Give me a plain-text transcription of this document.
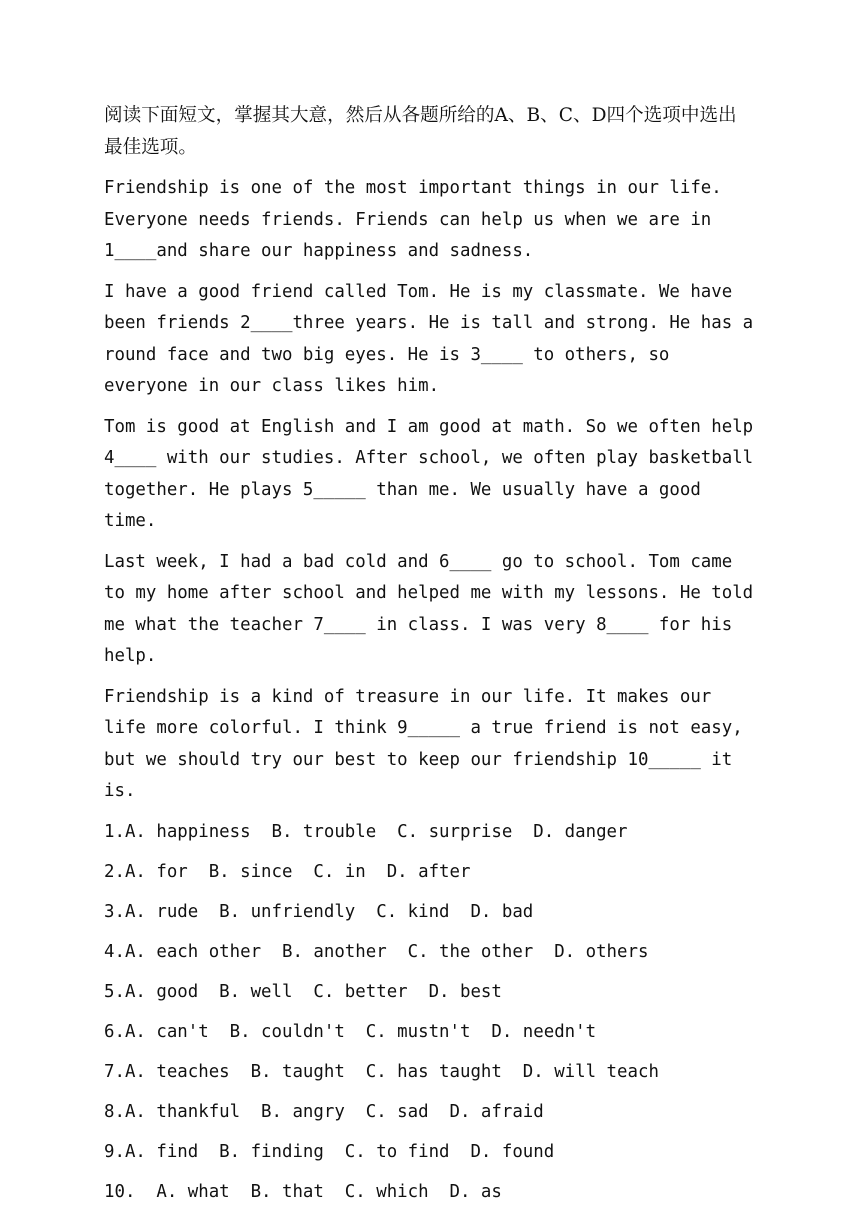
阅读下面短文，掌握其大意，然后从各题所给的A、B、C、D四个选项中选出最佳选项。

Friendship is one of the most important things in our life. Everyone needs friends. Friends can help us when we are in 1____and share our happiness and sadness.

I have a good friend called Tom. He is my classmate. We have been friends 2____three years. He is tall and strong. He has a round face and two big eyes. He is 3____ to others, so everyone in our class likes him.

Tom is good at English and I am good at math. So we often help 4____ with our studies. After school, we often play basketball together. He plays 5_____ than me. We usually have a good time.

Last week, I had a bad cold and 6____ go to school. Tom came to my home after school and helped me with my lessons. He told me what the teacher 7____ in class. I was very 8____ for his help.

Friendship is a kind of treasure in our life. It makes our life more colorful. I think 9_____ a true friend is not easy, but we should try our best to keep our friendship 10_____ it is.

1.A. happiness  B. trouble  C. surprise  D. danger
2.A. for  B. since  C. in  D. after
3.A. rude  B. unfriendly  C. kind  D. bad
4.A. each other  B. another  C. the other  D. others
5.A. good  B. well  C. better  D. best
6.A. can't  B. couldn't  C. mustn't  D. needn't
7.A. teaches  B. taught  C. has taught  D. will teach
8.A. thankful  B. angry  C. sad  D. afraid
9.A. find  B. finding  C. to find  D. found
10.  A. what  B. that  C. which  D. as
